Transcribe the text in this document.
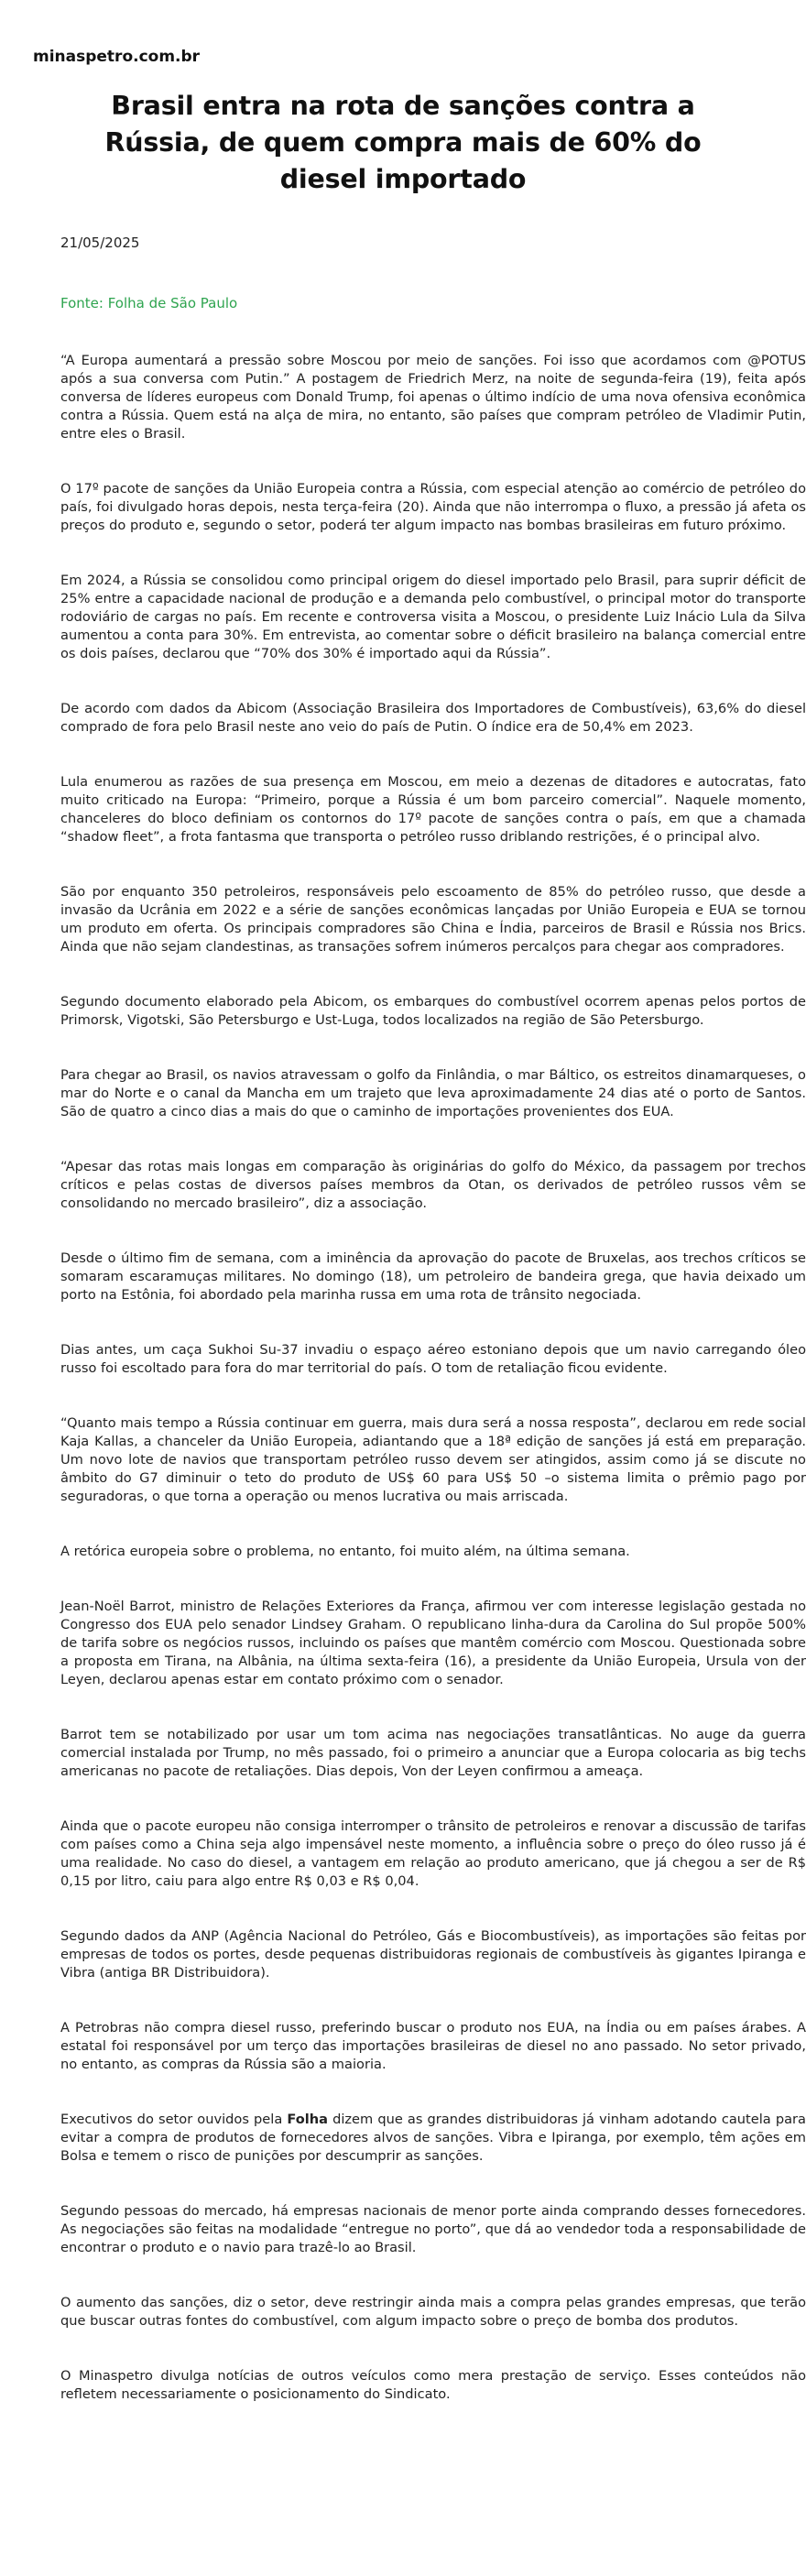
minaspetro.com.br
Brasil entra na rota de sanções contra a Rússia, de quem compra mais de 60% do diesel importado
21/05/2025
Fonte: Folha de São Paulo

“A Europa aumentará a pressão sobre Moscou por meio de sanções. Foi isso que acordamos com @POTUS após a sua conversa com Putin.” A postagem de Friedrich Merz, na noite de segunda-feira (19), feita após conversa de líderes europeus com Donald Trump, foi apenas o último indício de uma nova ofensiva econômica contra a Rússia. Quem está na alça de mira, no entanto, são países que compram petróleo de Vladimir Putin, entre eles o Brasil.

O 17º pacote de sanções da União Europeia contra a Rússia, com especial atenção ao comércio de petróleo do país, foi divulgado horas depois, nesta terça-feira (20). Ainda que não interrompa o fluxo, a pressão já afeta os preços do produto e, segundo o setor, poderá ter algum impacto nas bombas brasileiras em futuro próximo.

Em 2024, a Rússia se consolidou como principal origem do diesel importado pelo Brasil, para suprir déficit de 25% entre a capacidade nacional de produção e a demanda pelo combustível, o principal motor do transporte rodoviário de cargas no país. Em recente e controversa visita a Moscou, o presidente Luiz Inácio Lula da Silva aumentou a conta para 30%. Em entrevista, ao comentar sobre o déficit brasileiro na balança comercial entre os dois países, declarou que “70% dos 30% é importado aqui da Rússia”.

De acordo com dados da Abicom (Associação Brasileira dos Importadores de Combustíveis), 63,6% do diesel comprado de fora pelo Brasil neste ano veio do país de Putin. O índice era de 50,4% em 2023.

Lula enumerou as razões de sua presença em Moscou, em meio a dezenas de ditadores e autocratas, fato muito criticado na Europa: “Primeiro, porque a Rússia é um bom parceiro comercial”. Naquele momento, chanceleres do bloco definiam os contornos do 17º pacote de sanções contra o país, em que a chamada “shadow fleet”, a frota fantasma que transporta o petróleo russo driblando restrições, é o principal alvo.

São por enquanto 350 petroleiros, responsáveis pelo escoamento de 85% do petróleo russo, que desde a invasão da Ucrânia em 2022 e a série de sanções econômicas lançadas por União Europeia e EUA se tornou um produto em oferta. Os principais compradores são China e Índia, parceiros de Brasil e Rússia nos Brics. Ainda que não sejam clandestinas, as transações sofrem inúmeros percalços para chegar aos compradores.

Segundo documento elaborado pela Abicom, os embarques do combustível ocorrem apenas pelos portos de Primorsk, Vigotski, São Petersburgo e Ust-Luga, todos localizados na região de São Petersburgo.

Para chegar ao Brasil, os navios atravessam o golfo da Finlândia, o mar Báltico, os estreitos dinamarqueses, o mar do Norte e o canal da Mancha em um trajeto que leva aproximadamente 24 dias até o porto de Santos. São de quatro a cinco dias a mais do que o caminho de importações provenientes dos EUA.

“Apesar das rotas mais longas em comparação às originárias do golfo do México, da passagem por trechos críticos e pelas costas de diversos países membros da Otan, os derivados de petróleo russos vêm se consolidando no mercado brasileiro”, diz a associação.

Desde o último fim de semana, com a iminência da aprovação do pacote de Bruxelas, aos trechos críticos se somaram escaramuças militares. No domingo (18), um petroleiro de bandeira grega, que havia deixado um porto na Estônia, foi abordado pela marinha russa em uma rota de trânsito negociada.

Dias antes, um caça Sukhoi Su-37 invadiu o espaço aéreo estoniano depois que um navio carregando óleo russo foi escoltado para fora do mar territorial do país. O tom de retaliação ficou evidente.

“Quanto mais tempo a Rússia continuar em guerra, mais dura será a nossa resposta”, declarou em rede social Kaja Kallas, a chanceler da União Europeia, adiantando que a 18ª edição de sanções já está em preparação. Um novo lote de navios que transportam petróleo russo devem ser atingidos, assim como já se discute no âmbito do G7 diminuir o teto do produto de US$ 60 para US$ 50 –o sistema limita o prêmio pago por seguradoras, o que torna a operação ou menos lucrativa ou mais arriscada.

A retórica europeia sobre o problema, no entanto, foi muito além, na última semana.

Jean-Noël Barrot, ministro de Relações Exteriores da França, afirmou ver com interesse legislação gestada no Congresso dos EUA pelo senador Lindsey Graham. O republicano linha-dura da Carolina do Sul propõe 500% de tarifa sobre os negócios russos, incluindo os países que mantêm comércio com Moscou. Questionada sobre a proposta em Tirana, na Albânia, na última sexta-feira (16), a presidente da União Europeia, Ursula von der Leyen, declarou apenas estar em contato próximo com o senador.

Barrot tem se notabilizado por usar um tom acima nas negociações transatlânticas. No auge da guerra comercial instalada por Trump, no mês passado, foi o primeiro a anunciar que a Europa colocaria as big techs americanas no pacote de retaliações. Dias depois, Von der Leyen confirmou a ameaça.

Ainda que o pacote europeu não consiga interromper o trânsito de petroleiros e renovar a discussão de tarifas com países como a China seja algo impensável neste momento, a influência sobre o preço do óleo russo já é uma realidade. No caso do diesel, a vantagem em relação ao produto americano, que já chegou a ser de R$ 0,15 por litro, caiu para algo entre R$ 0,03 e R$ 0,04.

Segundo dados da ANP (Agência Nacional do Petróleo, Gás e Biocombustíveis), as importações são feitas por empresas de todos os portes, desde pequenas distribuidoras regionais de combustíveis às gigantes Ipiranga e Vibra (antiga BR Distribuidora).

A Petrobras não compra diesel russo, preferindo buscar o produto nos EUA, na Índia ou em países árabes. A estatal foi responsável por um terço das importações brasileiras de diesel no ano passado. No setor privado, no entanto, as compras da Rússia são a maioria.

Executivos do setor ouvidos pela Folha dizem que as grandes distribuidoras já vinham adotando cautela para evitar a compra de produtos de fornecedores alvos de sanções. Vibra e Ipiranga, por exemplo, têm ações em Bolsa e temem o risco de punições por descumprir as sanções.

Segundo pessoas do mercado, há empresas nacionais de menor porte ainda comprando desses fornecedores. As negociações são feitas na modalidade “entregue no porto”, que dá ao vendedor toda a responsabilidade de encontrar o produto e o navio para trazê-lo ao Brasil.

O aumento das sanções, diz o setor, deve restringir ainda mais a compra pelas grandes empresas, que terão que buscar outras fontes do combustível, com algum impacto sobre o preço de bomba dos produtos.

O Minaspetro divulga notícias de outros veículos como mera prestação de serviço. Esses conteúdos não refletem necessariamente o posicionamento do Sindicato.
